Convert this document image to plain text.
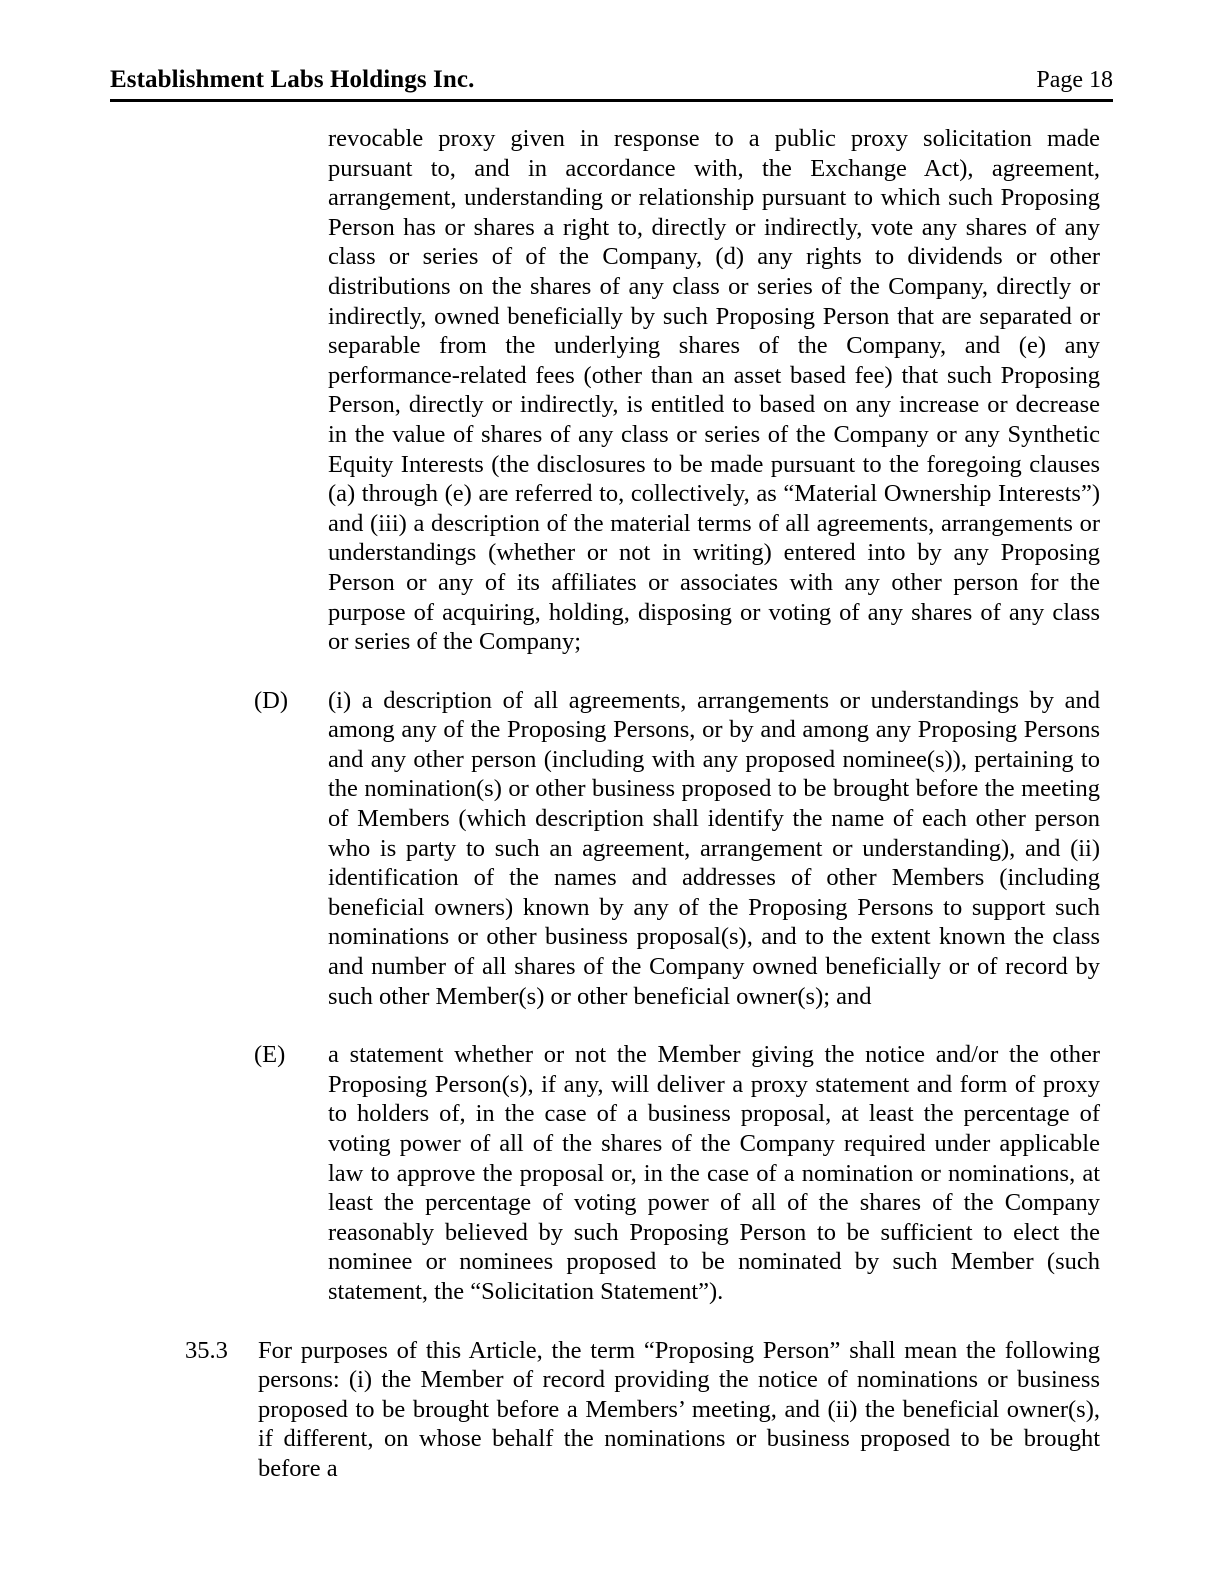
Establishment Labs Holdings Inc.	Page 18

revocable proxy given in response to a public proxy solicitation made pursuant to, and in accordance with, the Exchange Act), agreement, arrangement, understanding or relationship pursuant to which such Proposing Person has or shares a right to, directly or indirectly, vote any shares of any class or series of of the Company, (d) any rights to dividends or other distributions on the shares of any class or series of the Company, directly or indirectly, owned beneficially by such Proposing Person that are separated or separable from the underlying shares of the Company, and (e) any performance-related fees (other than an asset based fee) that such Proposing Person, directly or indirectly, is entitled to based on any increase or decrease in the value of shares of any class or series of the Company or any Synthetic Equity Interests (the disclosures to be made pursuant to the foregoing clauses (a) through (e) are referred to, collectively, as “Material Ownership Interests”) and (iii) a description of the material terms of all agreements, arrangements or understandings (whether or not in writing) entered into by any Proposing Person or any of its affiliates or associates with any other person for the purpose of acquiring, holding, disposing or voting of any shares of any class or series of the Company;

(D)	(i) a description of all agreements, arrangements or understandings by and among any of the Proposing Persons, or by and among any Proposing Persons and any other person (including with any proposed nominee(s)), pertaining to the nomination(s) or other business proposed to be brought before the meeting of Members (which description shall identify the name of each other person who is party to such an agreement, arrangement or understanding), and (ii) identification of the names and addresses of other Members (including beneficial owners) known by any of the Proposing Persons to support such nominations or other business proposal(s), and to the extent known the class and number of all shares of the Company owned beneficially or of record by such other Member(s) or other beneficial owner(s); and
(E)	a statement whether or not the Member giving the notice and/or the other Proposing Person(s), if any, will deliver a proxy statement and form of proxy to holders of, in the case of a business proposal, at least the percentage of voting power of all of the shares of the Company required under applicable law to approve the proposal or, in the case of a nomination or nominations, at least the percentage of voting power of all of the shares of the Company reasonably believed by such Proposing Person to be sufficient to elect the nominee or nominees proposed to be nominated by such Member (such statement, the “Solicitation Statement”).
35.3	For purposes of this Article, the term “Proposing Person” shall mean the following persons: (i) the Member of record providing the notice of nominations or business proposed to be brought before a Members’ meeting, and (ii) the beneficial owner(s), if different, on whose behalf the nominations or business proposed to be brought before a
